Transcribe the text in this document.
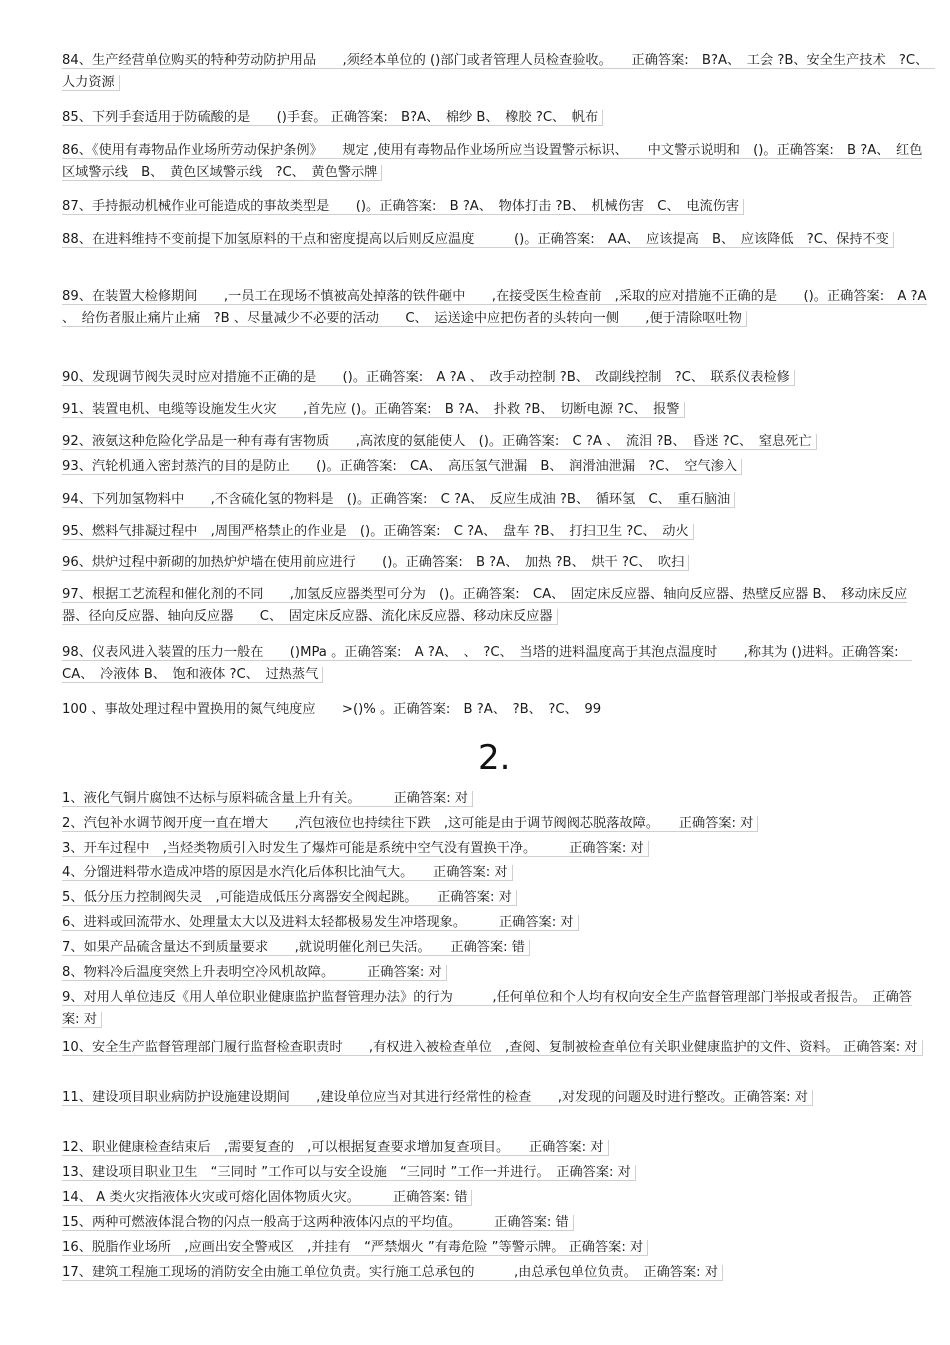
84、生产经营单位购买的特种劳动防护用品　　,须经本单位的 ()部门或者管理人员检查验收。　　正确答案:　B?A、　工会 ?B、安全生产技术　?C、　人力资源
85、下列手套适用于防硫酸的是　　()手套。 正确答案:　B?A、　棉纱 B、　橡胶 ?C、　帆布
86、《使用有毒物品作业场所劳动保护条例》　　规定 ,使用有毒物品作业场所应当设置警示标识、　　中文警示说明和　()。正确答案:　B ?A、　红色区域警示线　B、　黄色区域警示线　?C、　黄色警示牌
87、手持振动机械作业可能造成的事故类型是　　()。正确答案:　B ?A、　物体打击 ?B、　机械伤害　C、　电流伤害
88、在进料维持不变前提下加氢原料的干点和密度提高以后则反应温度　　　()。正确答案:　AA、　应该提高　B、　应该降低　?C、保持不变
89、在装置大检修期间　　,一员工在现场不慎被高处掉落的铁件砸中　　,在接受医生检查前　,采取的应对措施不正确的是　　()。正确答案:　A ?A 、　给伤者服止痛片止痛　?B 、尽量减少不必要的活动　　C、　运送途中应把伤者的头转向一侧　　,便于清除呕吐物
90、发现调节阀失灵时应对措施不正确的是　　()。正确答案:　A ?A 、　改手动控制 ?B、　改副线控制　?C、　联系仪表检修
91、装置电机、电缆等设施发生火灾　　,首先应 ()。正确答案:　B ?A、　扑救 ?B、　切断电源 ?C、　报警
92、液氨这种危险化学品是一种有毒有害物质　　,高浓度的氨能使人　()。正确答案:　C ?A 、　流泪 ?B、　昏迷 ?C、　窒息死亡
93、汽轮机通入密封蒸汽的目的是防止　　()。正确答案:　CA、　高压氢气泄漏　B、　润滑油泄漏　?C、　空气渗入
94、下列加氢物料中　　,不含硫化氢的物料是　()。正确答案:　C ?A、　反应生成油 ?B、　循环氢　C、　重石脑油
95、燃料气排凝过程中　,周围严格禁止的作业是　()。正确答案:　C ?A、　盘车 ?B、　打扫卫生 ?C、　动火
96、烘炉过程中新砌的加热炉炉墙在使用前应进行　　()。正确答案:　B ?A、　加热 ?B、　烘干 ?C、　吹扫
97、根据工艺流程和催化剂的不同　　,加氢反应器类型可分为　()。正确答案:　CA、　固定床反应器、轴向反应器、热壁反应器 B、　移动床反应器、径向反应器、轴向反应器　　C、　固定床反应器、流化床反应器、移动床反应器
98、仪表风进入装置的压力一般在　　()MPa 。正确答案:　A ?A、　、　?C、　当塔的进料温度高于其泡点温度时　　,称其为 ()进料。正确答案:　CA、　冷液体 B、　饱和液体 ?C、　过热蒸气
100 、事故处理过程中置换用的氮气纯度应　　>()% 。正确答案:　B ?A、　?B、　?C、　99
2.
1、液化气铜片腐蚀不达标与原料硫含量上升有关。　　　正确答案: 对
2、汽包补水调节阀开度一直在增大　　,汽包液位也持续往下跌　,这可能是由于调节阀阀芯脱落故障。　　正确答案: 对
3、开车过程中　,当烃类物质引入时发生了爆炸可能是系统中空气没有置换干净。　　　正确答案: 对
4、分馏进料带水造成冲塔的原因是水汽化后体积比油气大。　　正确答案: 对
5、低分压力控制阀失灵　,可能造成低压分离器安全阀起跳。　　正确答案: 对
6、进料或回流带水、处理量太大以及进料太轻都极易发生冲塔现象。　　　正确答案: 对
7、如果产品硫含量达不到质量要求　　,就说明催化剂已失活。　　正确答案: 错
8、物料冷后温度突然上升表明空冷风机故障。　　　正确答案: 对
9、对用人单位违反《用人单位职业健康监护监督管理办法》的行为　　　,任何单位和个人均有权向安全生产监督管理部门举报或者报告。　正确答案: 对
10、安全生产监督管理部门履行监督检查职责时　　,有权进入被检查单位　,查阅、复制被检查单位有关职业健康监护的文件、资料。 正确答案: 对
11、建设项目职业病防护设施建设期间　　,建设单位应当对其进行经常性的检查　　,对发现的问题及时进行整改。正确答案: 对
12、职业健康检查结束后　,需要复查的　,可以根据复查要求增加复查项目。　　正确答案: 对
13、建设项目职业卫生　“三同时 ”工作可以与安全设施　“三同时 ”工作一并进行。　正确答案: 对
14、 A 类火灾指液体火灾或可熔化固体物质火灾。　　　正确答案: 错
15、两种可燃液体混合物的闪点一般高于这两种液体闪点的平均值。　　　正确答案: 错
16、脱脂作业场所　,应画出安全警戒区　,并挂有　“严禁烟火 ”有毒危险 ”等警示牌。 正确答案: 对
17、建筑工程施工现场的消防安全由施工单位负责。实行施工总承包的　　　,由总承包单位负责。　正确答案: 对
